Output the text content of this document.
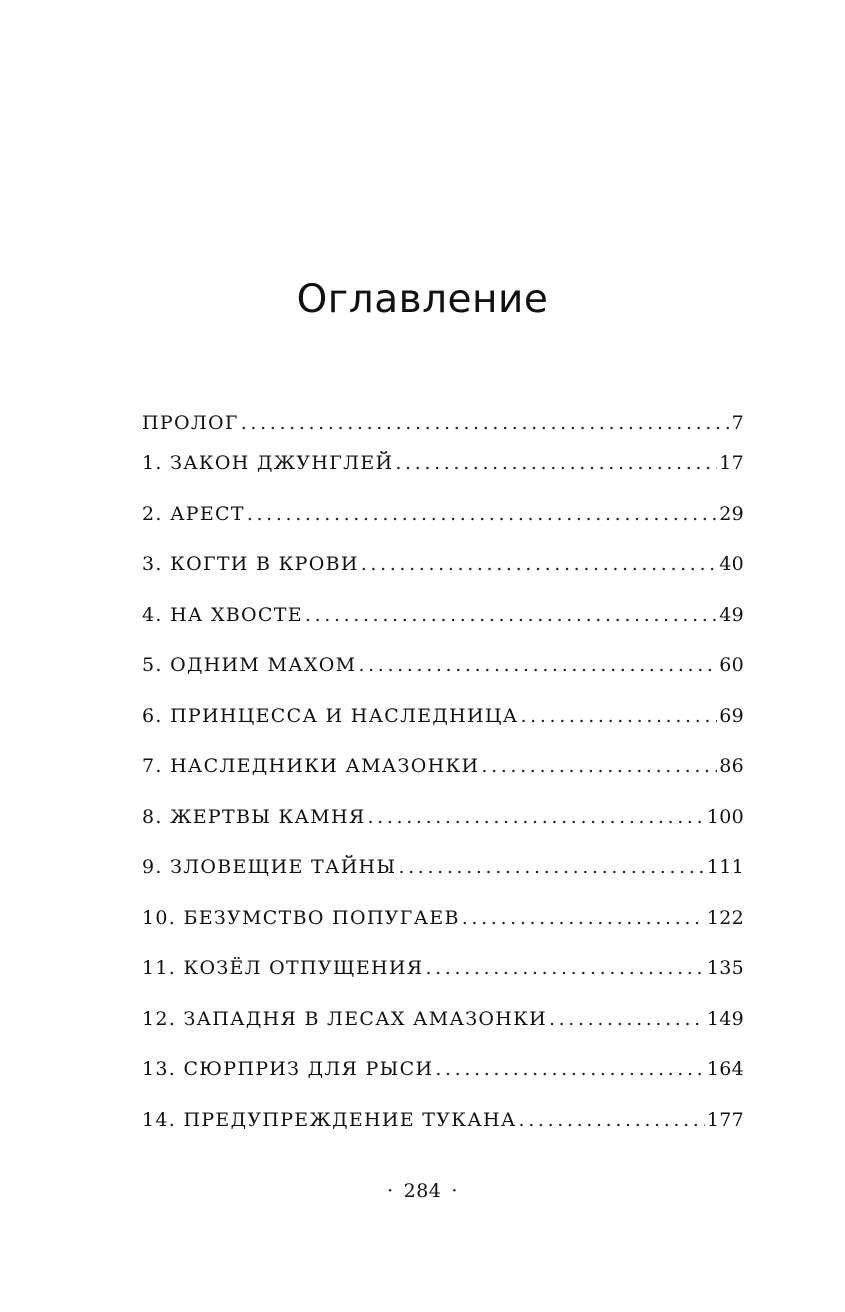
Оглавление
ПРОЛОГ . . .	7
1. ЗАКОН ДЖУНГЛЕЙ . . .	17
2. АРЕСТ . . .	29
3. КОГТИ В КРОВИ . . .	40
4. НА ХВОСТЕ . . .	49
5. ОДНИМ МАХОМ . . .	60
6. ПРИНЦЕССА И НАСЛЕДНИЦА . . .	69
7. НАСЛЕДНИКИ АМАЗОНКИ . . .	86
8. ЖЕРТВЫ КАМНЯ . . .	100
9. ЗЛОВЕЩИЕ ТАЙНЫ . . .	111
10. БЕЗУМСТВО ПОПУГАЕВ . . .	122
11. КОЗЁЛ ОТПУЩЕНИЯ . . .	135
12. ЗАПАДНЯ В ЛЕСАХ АМАЗОНКИ . . .	149
13. СЮРПРИЗ ДЛЯ РЫСИ . . .	164
14. ПРЕДУПРЕЖДЕНИЕ ТУКАНА . . .	177
· 284 ·
